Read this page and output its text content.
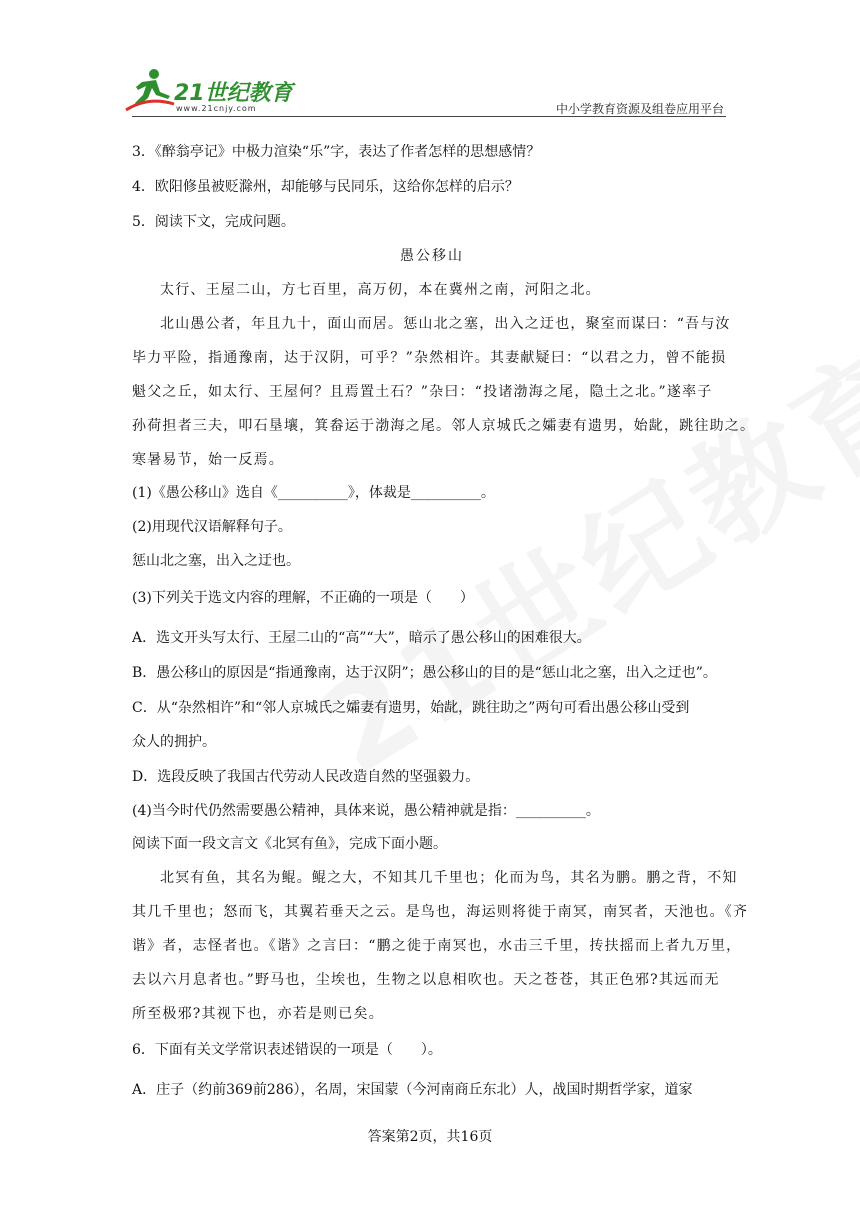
21世纪教育
www.21cnjy.com	中小学教育资源及组卷应用平台
3．《醉翁亭记》中极力渲染“乐”字，表达了作者怎样的思想感情？
4．欧阳修虽被贬滁州，却能够与民同乐，这给你怎样的启示？
5．阅读下文，完成问题。
愚公移山
太行、王屋二山，方七百里，高万仞，本在冀州之南，河阳之北。
北山愚公者，年且九十，面山而居。惩山北之塞，出入之迂也，聚室而谋曰：“吾与汝
毕力平险，指通豫南，达于汉阴，可乎？”杂然相许。其妻献疑曰：“以君之力，曾不能损
魁父之丘，如太行、王屋何？且焉置土石？”杂曰：“投诸渤海之尾，隐土之北。”遂率子
孙荷担者三夫，叩石垦壤，箕畚运于渤海之尾。邻人京城氏之孀妻有遗男，始龀，跳往助之。
寒暑易节，始一反焉。
(1)《愚公移山》选自《__________》，体裁是__________。
(2)用现代汉语解释句子。
惩山北之塞，出入之迂也。
(3)下列关于选文内容的理解，不正确的一项是（　　）
A．选文开头写太行、王屋二山的“高”“大”，暗示了愚公移山的困难很大。
B．愚公移山的原因是“指通豫南，达于汉阴”；愚公移山的目的是“惩山北之塞，出入之迂也”。
C．从“杂然相许”和“邻人京城氏之孀妻有遗男，始龀，跳往助之”两句可看出愚公移山受到
众人的拥护。
D．选段反映了我国古代劳动人民改造自然的坚强毅力。
(4)当今时代仍然需要愚公精神，具体来说，愚公精神就是指：__________。
阅读下面一段文言文《北冥有鱼》，完成下面小题。
北冥有鱼，其名为鲲。鲲之大，不知其几千里也；化而为鸟，其名为鹏。鹏之背，不知
其几千里也；怒而飞，其翼若垂天之云。是鸟也，海运则将徙于南冥，南冥者，天池也。《齐
谐》者，志怪者也。《谐》之言曰：“鹏之徙于南冥也，水击三千里，抟扶摇而上者九万里，
去以六月息者也。”野马也，尘埃也，生物之以息相吹也。天之苍苍，其正色邪?其远而无
所至极邪?其视下也，亦若是则已矣。
6．下面有关文学常识表述错误的一项是（　　）。
A．庄子（约前369前286），名周，宋国蒙（今河南商丘东北）人，战国时期哲学家，道家
答案第2页，共16页
